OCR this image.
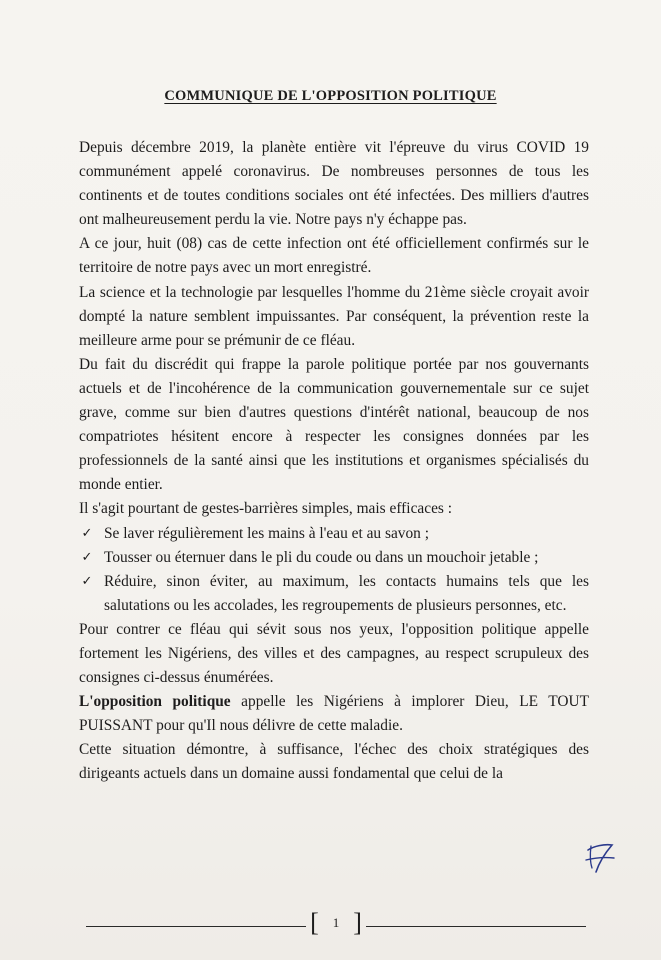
COMMUNIQUE DE L'OPPOSITION POLITIQUE

Depuis décembre 2019, la planète entière vit l'épreuve du virus COVID 19 communément appelé coronavirus. De nombreuses personnes de tous les continents et de toutes conditions sociales ont été infectées. Des milliers d'autres ont malheureusement perdu la vie. Notre pays n'y échappe pas.

A ce jour, huit (08) cas de cette infection ont été officiellement confirmés sur le territoire de notre pays avec un mort enregistré.

La science et la technologie par lesquelles l'homme du 21ème siècle croyait avoir dompté la nature semblent impuissantes. Par conséquent, la prévention reste la meilleure arme pour se prémunir de ce fléau.

Du fait du discrédit qui frappe la parole politique portée par nos gouvernants actuels et de l'incohérence de la communication gouvernementale sur ce sujet grave, comme sur bien d'autres questions d'intérêt national, beaucoup de nos compatriotes hésitent encore à respecter les consignes données par les professionnels de la santé ainsi que les institutions et organismes spécialisés du monde entier.

Il s'agit pourtant de gestes-barrières simples, mais efficaces :

✓ Se laver régulièrement les mains à l'eau et au savon ;
✓ Tousser ou éternuer dans le pli du coude ou dans un mouchoir jetable ;
✓ Réduire, sinon éviter, au maximum, les contacts humains tels que les salutations ou les accolades, les regroupements de plusieurs personnes, etc.

Pour contrer ce fléau qui sévit sous nos yeux, l'opposition politique appelle fortement les Nigériens, des villes et des campagnes, au respect scrupuleux des consignes ci-dessus énumérées.

L'opposition politique appelle les Nigériens à implorer Dieu, LE TOUT PUISSANT pour qu'Il nous délivre de cette maladie.

Cette situation démontre, à suffisance, l'échec des choix stratégiques des dirigeants actuels dans un domaine aussi fondamental que celui de la

[	1 ]
